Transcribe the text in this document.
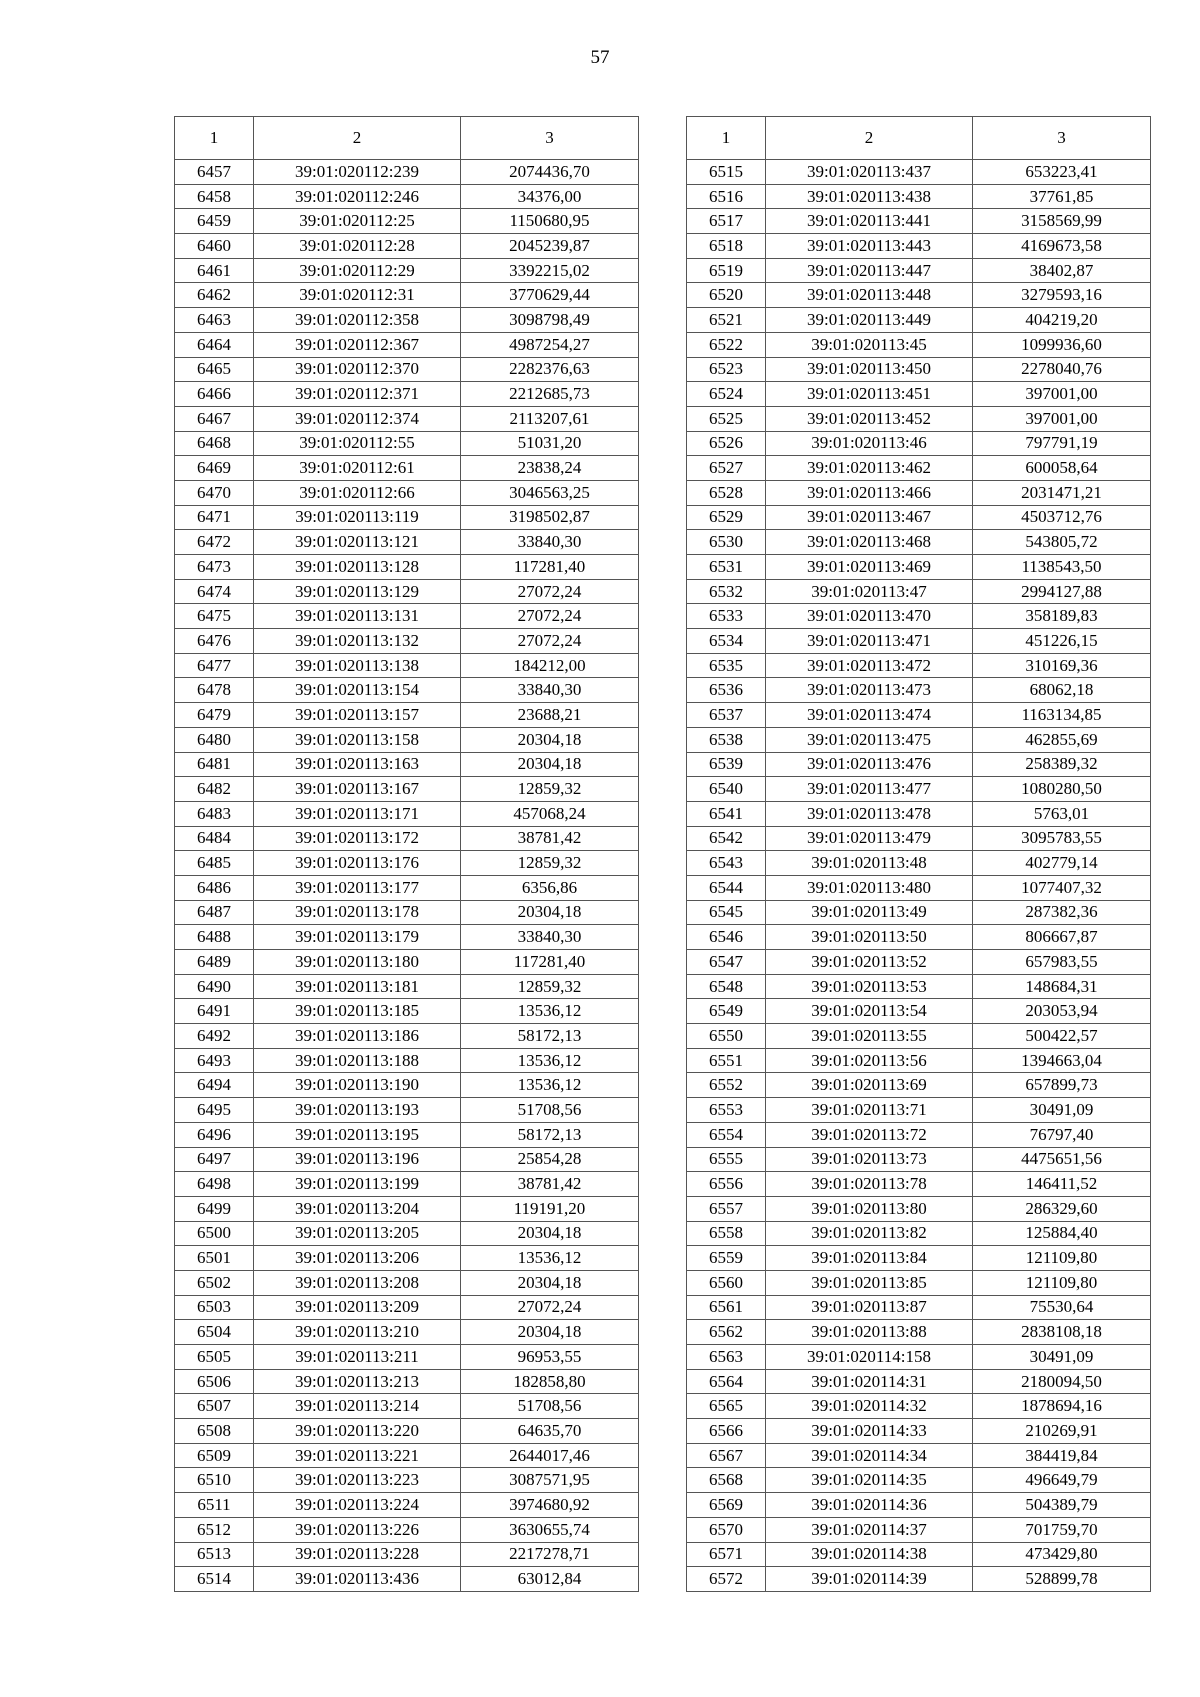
57
1	2	3
6457	39:01:020112:239	2074436,70
6458	39:01:020112:246	34376,00
6459	39:01:020112:25	1150680,95
6460	39:01:020112:28	2045239,87
6461	39:01:020112:29	3392215,02
6462	39:01:020112:31	3770629,44
6463	39:01:020112:358	3098798,49
6464	39:01:020112:367	4987254,27
6465	39:01:020112:370	2282376,63
6466	39:01:020112:371	2212685,73
6467	39:01:020112:374	2113207,61
6468	39:01:020112:55	51031,20
6469	39:01:020112:61	23838,24
6470	39:01:020112:66	3046563,25
6471	39:01:020113:119	3198502,87
6472	39:01:020113:121	33840,30
6473	39:01:020113:128	117281,40
6474	39:01:020113:129	27072,24
6475	39:01:020113:131	27072,24
6476	39:01:020113:132	27072,24
6477	39:01:020113:138	184212,00
6478	39:01:020113:154	33840,30
6479	39:01:020113:157	23688,21
6480	39:01:020113:158	20304,18
6481	39:01:020113:163	20304,18
6482	39:01:020113:167	12859,32
6483	39:01:020113:171	457068,24
6484	39:01:020113:172	38781,42
6485	39:01:020113:176	12859,32
6486	39:01:020113:177	6356,86
6487	39:01:020113:178	20304,18
6488	39:01:020113:179	33840,30
6489	39:01:020113:180	117281,40
6490	39:01:020113:181	12859,32
6491	39:01:020113:185	13536,12
6492	39:01:020113:186	58172,13
6493	39:01:020113:188	13536,12
6494	39:01:020113:190	13536,12
6495	39:01:020113:193	51708,56
6496	39:01:020113:195	58172,13
6497	39:01:020113:196	25854,28
6498	39:01:020113:199	38781,42
6499	39:01:020113:204	119191,20
6500	39:01:020113:205	20304,18
6501	39:01:020113:206	13536,12
6502	39:01:020113:208	20304,18
6503	39:01:020113:209	27072,24
6504	39:01:020113:210	20304,18
6505	39:01:020113:211	96953,55
6506	39:01:020113:213	182858,80
6507	39:01:020113:214	51708,56
6508	39:01:020113:220	64635,70
6509	39:01:020113:221	2644017,46
6510	39:01:020113:223	3087571,95
6511	39:01:020113:224	3974680,92
6512	39:01:020113:226	3630655,74
6513	39:01:020113:228	2217278,71
6514	39:01:020113:436	63012,84
1	2	3
6515	39:01:020113:437	653223,41
6516	39:01:020113:438	37761,85
6517	39:01:020113:441	3158569,99
6518	39:01:020113:443	4169673,58
6519	39:01:020113:447	38402,87
6520	39:01:020113:448	3279593,16
6521	39:01:020113:449	404219,20
6522	39:01:020113:45	1099936,60
6523	39:01:020113:450	2278040,76
6524	39:01:020113:451	397001,00
6525	39:01:020113:452	397001,00
6526	39:01:020113:46	797791,19
6527	39:01:020113:462	600058,64
6528	39:01:020113:466	2031471,21
6529	39:01:020113:467	4503712,76
6530	39:01:020113:468	543805,72
6531	39:01:020113:469	1138543,50
6532	39:01:020113:47	2994127,88
6533	39:01:020113:470	358189,83
6534	39:01:020113:471	451226,15
6535	39:01:020113:472	310169,36
6536	39:01:020113:473	68062,18
6537	39:01:020113:474	1163134,85
6538	39:01:020113:475	462855,69
6539	39:01:020113:476	258389,32
6540	39:01:020113:477	1080280,50
6541	39:01:020113:478	5763,01
6542	39:01:020113:479	3095783,55
6543	39:01:020113:48	402779,14
6544	39:01:020113:480	1077407,32
6545	39:01:020113:49	287382,36
6546	39:01:020113:50	806667,87
6547	39:01:020113:52	657983,55
6548	39:01:020113:53	148684,31
6549	39:01:020113:54	203053,94
6550	39:01:020113:55	500422,57
6551	39:01:020113:56	1394663,04
6552	39:01:020113:69	657899,73
6553	39:01:020113:71	30491,09
6554	39:01:020113:72	76797,40
6555	39:01:020113:73	4475651,56
6556	39:01:020113:78	146411,52
6557	39:01:020113:80	286329,60
6558	39:01:020113:82	125884,40
6559	39:01:020113:84	121109,80
6560	39:01:020113:85	121109,80
6561	39:01:020113:87	75530,64
6562	39:01:020113:88	2838108,18
6563	39:01:020114:158	30491,09
6564	39:01:020114:31	2180094,50
6565	39:01:020114:32	1878694,16
6566	39:01:020114:33	210269,91
6567	39:01:020114:34	384419,84
6568	39:01:020114:35	496649,79
6569	39:01:020114:36	504389,79
6570	39:01:020114:37	701759,70
6571	39:01:020114:38	473429,80
6572	39:01:020114:39	528899,78
